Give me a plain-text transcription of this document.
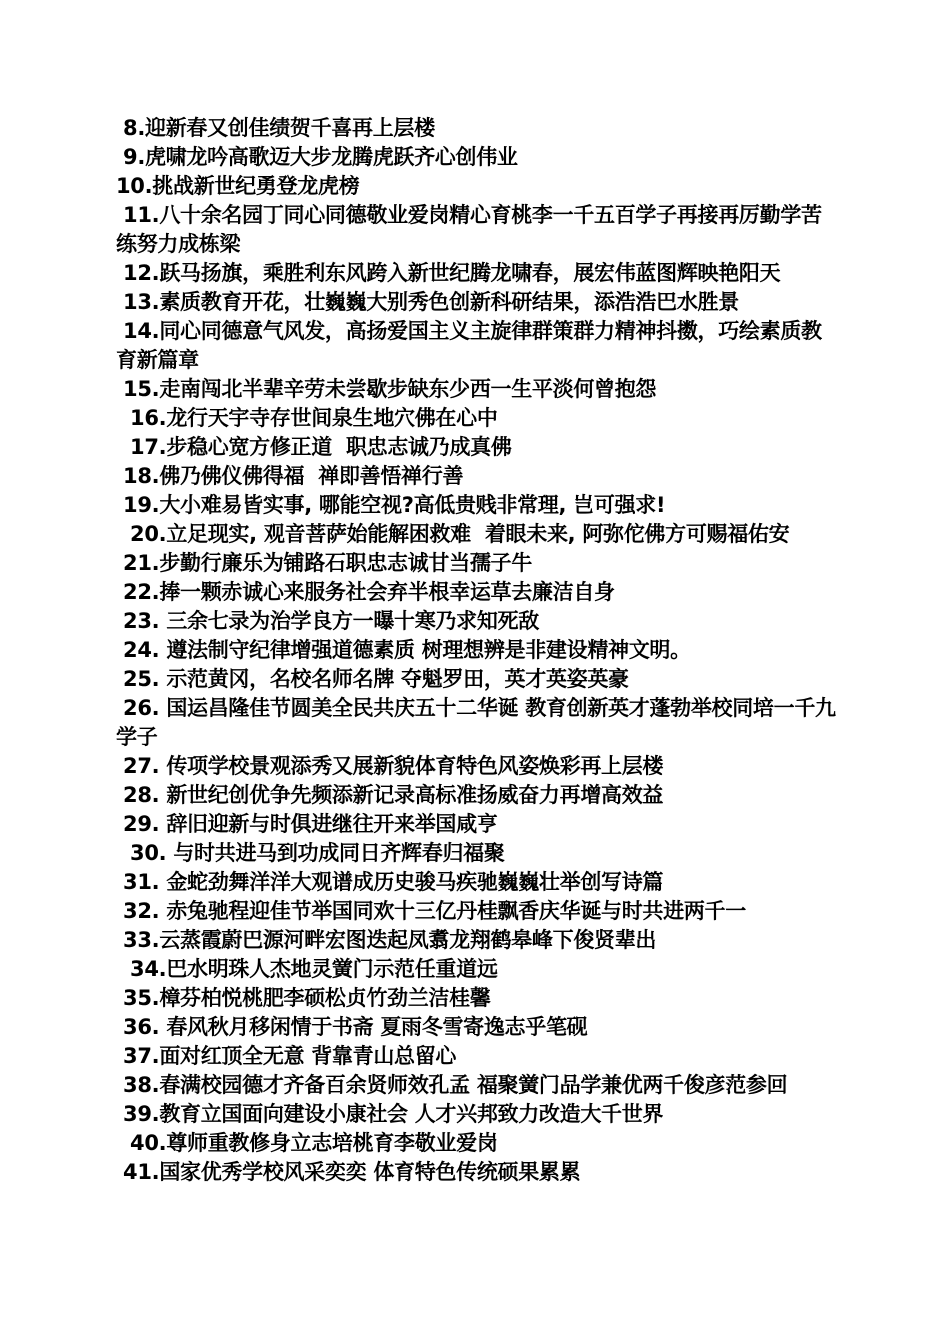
8.迎新春又创佳绩贺千喜再上层楼
9.虎啸龙吟高歌迈大步龙腾虎跃齐心创伟业
10.挑战新世纪勇登龙虎榜
11.八十余名园丁同心同德敬业爱岗精心育桃李一千五百学子再接再厉勤学苦练努力成栋梁
12.跃马扬旗，乘胜利东风跨入新世纪腾龙啸春，展宏伟蓝图辉映艳阳天
13.素质教育开花，壮巍巍大别秀色创新科研结果，添浩浩巴水胜景
14.同心同德意气风发，高扬爱国主义主旋律群策群力精神抖擞，巧绘素质教育新篇章
15.走南闯北半辈辛劳未尝歇步缺东少西一生平淡何曾抱怨
16.龙行天宇寺存世间泉生地穴佛在心中
17.步稳心宽方修正道  职忠志诚乃成真佛
18.佛乃佛仪佛得福  禅即善悟禅行善
19.大小难易皆实事, 哪能空视?高低贵贱非常理, 岂可强求!
20.立足现实, 观音菩萨始能解困救难  着眼未来, 阿弥佗佛方可赐福佑安
21.步勤行廉乐为铺路石职忠志诚甘当孺子牛
22.捧一颗赤诚心来服务社会弃半根幸运草去廉洁自身
23. 三余七录为治学良方一曝十寒乃求知死敌
24. 遵法制守纪律增强道德素质 树理想辨是非建设精神文明。
25. 示范黄冈，名校名师名牌 夺魁罗田，英才英姿英豪
26. 国运昌隆佳节圆美全民共庆五十二华诞 教育创新英才蓬勃举校同培一千九学子
27. 传项学校景观添秀又展新貌体育特色风姿焕彩再上层楼
28. 新世纪创优争先频添新记录高标准扬威奋力再增高效益
29. 辞旧迎新与时俱进继往开来举国咸亨
30. 与时共进马到功成同日齐辉春归福聚
31. 金蛇劲舞洋洋大观谱成历史骏马疾驰巍巍壮举创写诗篇
32. 赤兔驰程迎佳节举国同欢十三亿丹桂飘香庆华诞与时共进两千一
33.云蒸霞蔚巴源河畔宏图迭起凤翥龙翔鹤皋峰下俊贤辈出
34.巴水明珠人杰地灵黉门示范任重道远
35.樟芬柏悦桃肥李硕松贞竹劲兰洁桂馨
36. 春风秋月移闲情于书斋 夏雨冬雪寄逸志乎笔砚
37.面对红顶全无意 背靠青山总留心
38.春满校园德才齐备百余贤师效孔孟 福聚黉门品学兼优两千俊彦范参回
39.教育立国面向建设小康社会 人才兴邦致力改造大千世界
40.尊师重教修身立志培桃育李敬业爱岗
41.国家优秀学校风采奕奕 体育特色传统硕果累累
